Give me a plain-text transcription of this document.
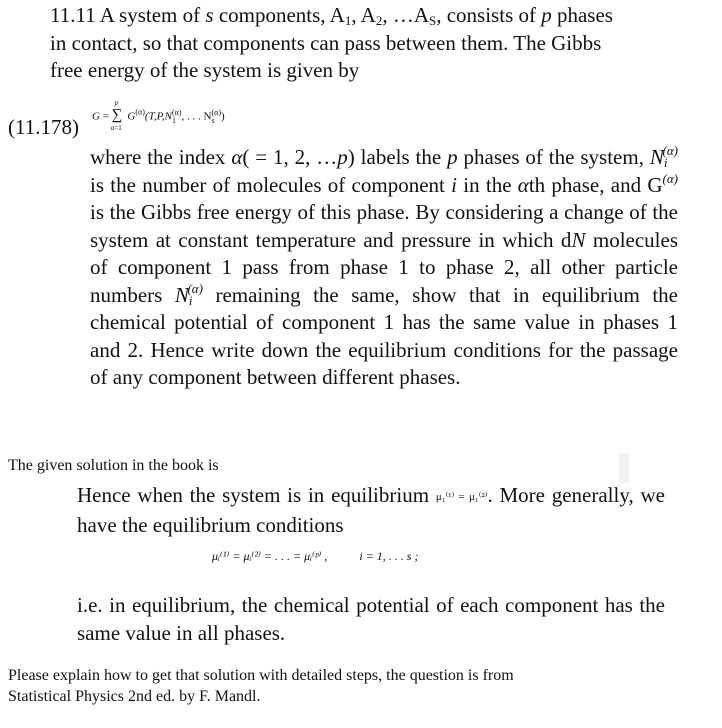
11.11 A system of s components, $A_1$, $A_2$, $\dots A_S$, consists of p phases
in contact, so that components can pass between them. The Gibbs
free energy of the system is given by
(11.178) G =
p
∑
α=1
$G^{(\alpha)}(T,P,N$ (α)
1 , . . . N (α)
s )
where the index α( = 1, 2, …p) labels the p phases of the system, $N_i^{(\alpha)}$ is the number of molecules of component i in the αth phase, and $G^{(\alpha)}$ is the Gibbs free energy of this phase. By considering a change of the system at constant temperature and pressure in which dN molecules of component 1 pass from phase 1 to phase 2, all other particle numbers $N_i^{(\alpha)}$ remaining the same, show that in equilibrium the chemical potential of component 1 has the same value in phases 1 and 2. Hence write down the equilibrium conditions for the passage of any component between different phases.
The given solution in the book is
Hence when the system is in equilibrium μ₁⁽¹⁾ = μ₁⁽²⁾. More generally, we have the equilibrium conditions
μᵢ⁽¹⁾ = μᵢ⁽²⁾ = . . . = μᵢ⁽ᵖ⁾ ,	i = 1, . . . s ;
i.e. in equilibrium, the chemical potential of each component has the same value in all phases.
Please explain how to get that solution with detailed steps, the question is from
Statistical Physics 2nd ed. by F. Mandl.
